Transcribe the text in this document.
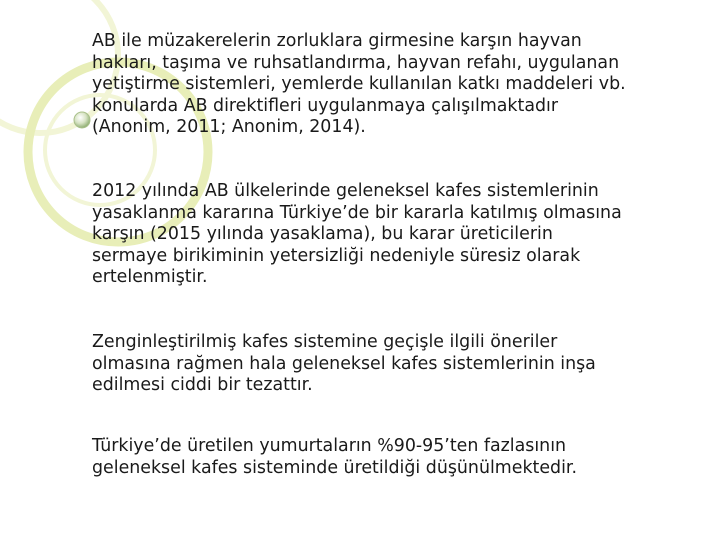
AB ile müzakerelerin zorluklara girmesine karşın hayvan
hakları, taşıma ve ruhsatlandırma, hayvan refahı, uygulanan
yetiştirme sistemleri, yemlerde kullanılan katkı maddeleri vb.
konularda AB direktifleri uygulanmaya çalışılmaktadır
(Anonim, 2011; Anonim, 2014).

2012 yılında AB ülkelerinde geleneksel kafes sistemlerinin
yasaklanma kararına Türkiye’de bir kararla katılmış olmasına
karşın (2015 yılında yasaklama), bu karar üreticilerin
sermaye birikiminin yetersizliği nedeniyle süresiz olarak
ertelenmiştir.

Zenginleştirilmiş kafes sistemine geçişle ilgili öneriler
olmasına rağmen hala geleneksel kafes sistemlerinin inşa
edilmesi ciddi bir tezattır.

Türkiye’de üretilen yumurtaların %90-95’ten fazlasının
geleneksel kafes sisteminde üretildiği düşünülmektedir.
